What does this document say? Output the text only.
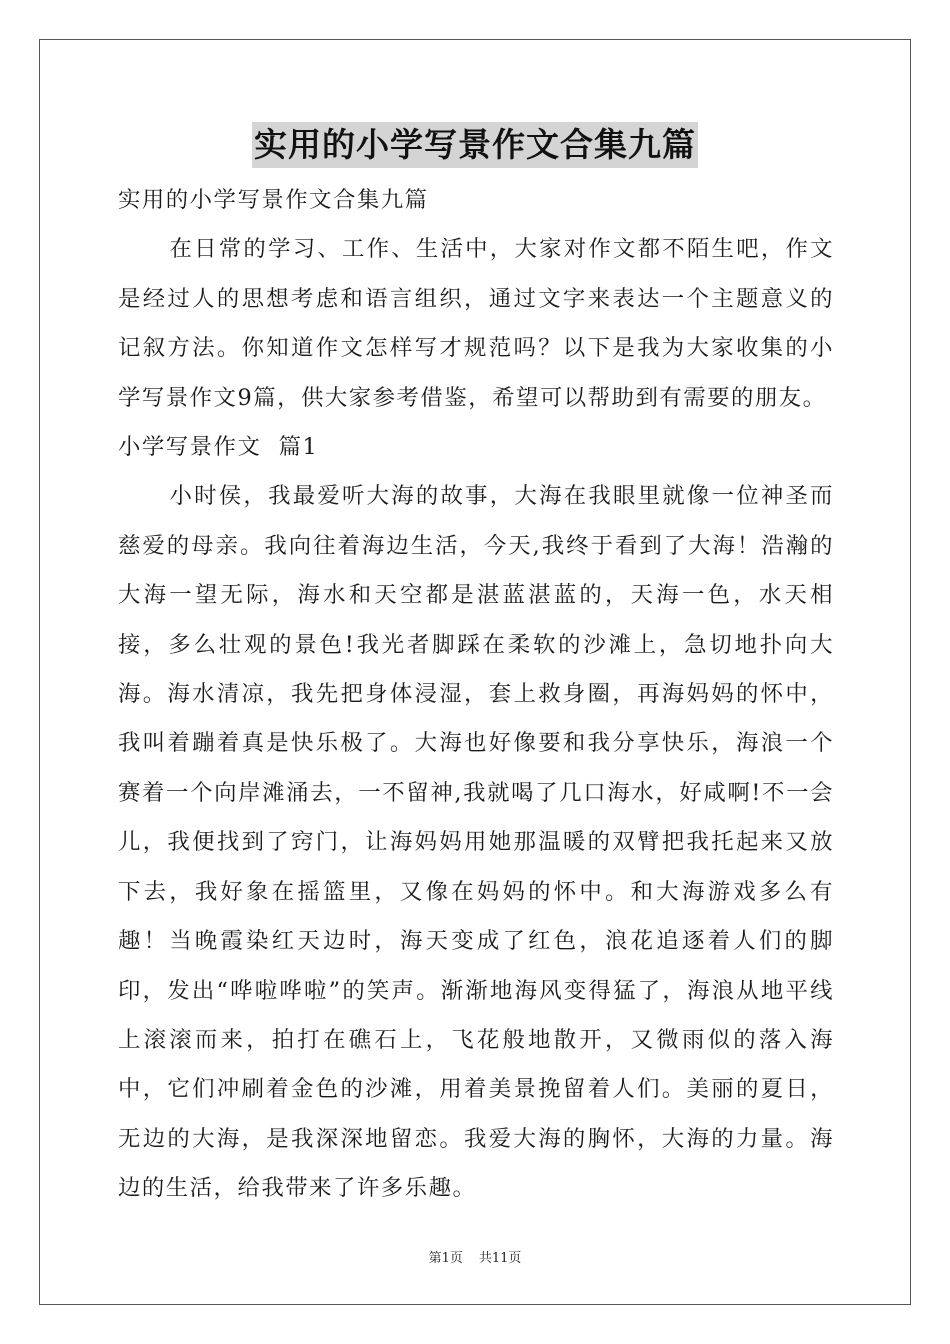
实用的小学写景作文合集九篇

实用的小学写景作文合集九篇

在日常的学习、工作、生活中，大家对作文都不陌生吧，作文是经过人的思想考虑和语言组织，通过文字来表达一个主题意义的记叙方法。你知道作文怎样写才规范吗？以下是我为大家收集的小学写景作文9篇，供大家参考借鉴，希望可以帮助到有需要的朋友。

小学写景作文  篇1

小时侯，我最爱听大海的故事，大海在我眼里就像一位神圣而慈爱的母亲。我向往着海边生活，今天,我终于看到了大海！浩瀚的大海一望无际，海水和天空都是湛蓝湛蓝的，天海一色，水天相接，多么壮观的景色!我光者脚踩在柔软的沙滩上，急切地扑向大海。海水清凉，我先把身体浸湿，套上救身圈，再海妈妈的怀中，我叫着蹦着真是快乐极了。大海也好像要和我分享快乐，海浪一个赛着一个向岸滩涌去，一不留神,我就喝了几口海水，好咸啊!不一会儿，我便找到了窍门，让海妈妈用她那温暖的双臂把我托起来又放下去，我好象在摇篮里，又像在妈妈的怀中。和大海游戏多么有趣！当晚霞染红天边时，海天变成了红色，浪花追逐着人们的脚印，发出“哗啦哗啦”的笑声。渐渐地海风变得猛了，海浪从地平线上滚滚而来，拍打在礁石上，飞花般地散开，又微雨似的落入海中，它们冲刷着金色的沙滩，用着美景挽留着人们。美丽的夏日，无边的大海，是我深深地留恋。我爱大海的胸怀，大海的力量。海边的生活，给我带来了许多乐趣。

第1页 共11页
